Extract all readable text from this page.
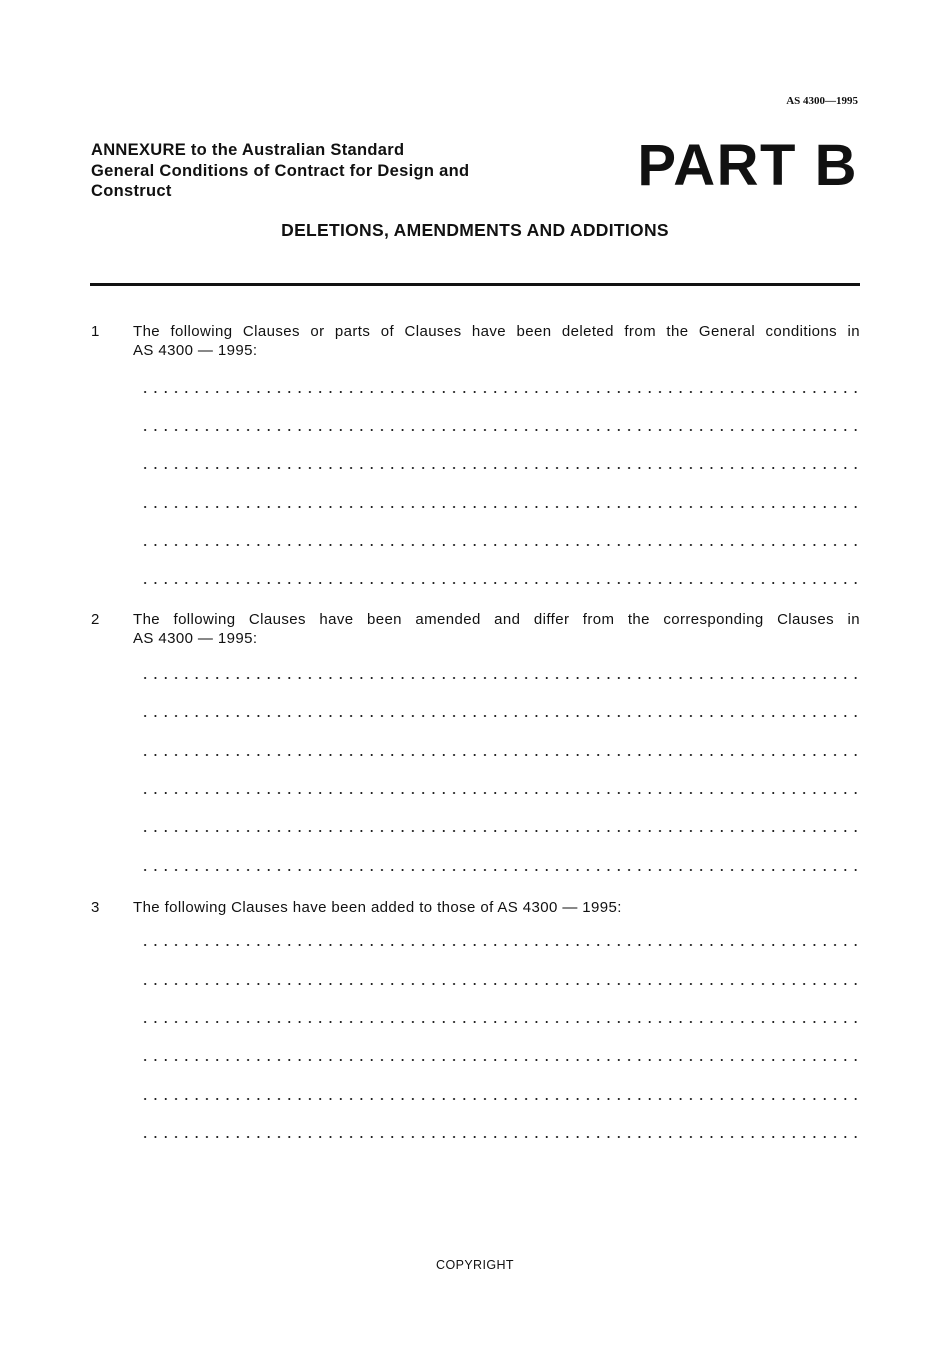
AS 4300—1995
ANNEXURE to the Australian Standard
General Conditions of Contract for Design and
Construct	PART B
DELETIONS, AMENDMENTS AND ADDITIONS
1 The following Clauses or parts of Clauses have been deleted from the General conditions in
AS 4300 — 1995:
2 The following Clauses have been amended and differ from the corresponding Clauses in
AS 4300 — 1995:
3 The following Clauses have been added to those of AS 4300 — 1995:
COPYRIGHT
